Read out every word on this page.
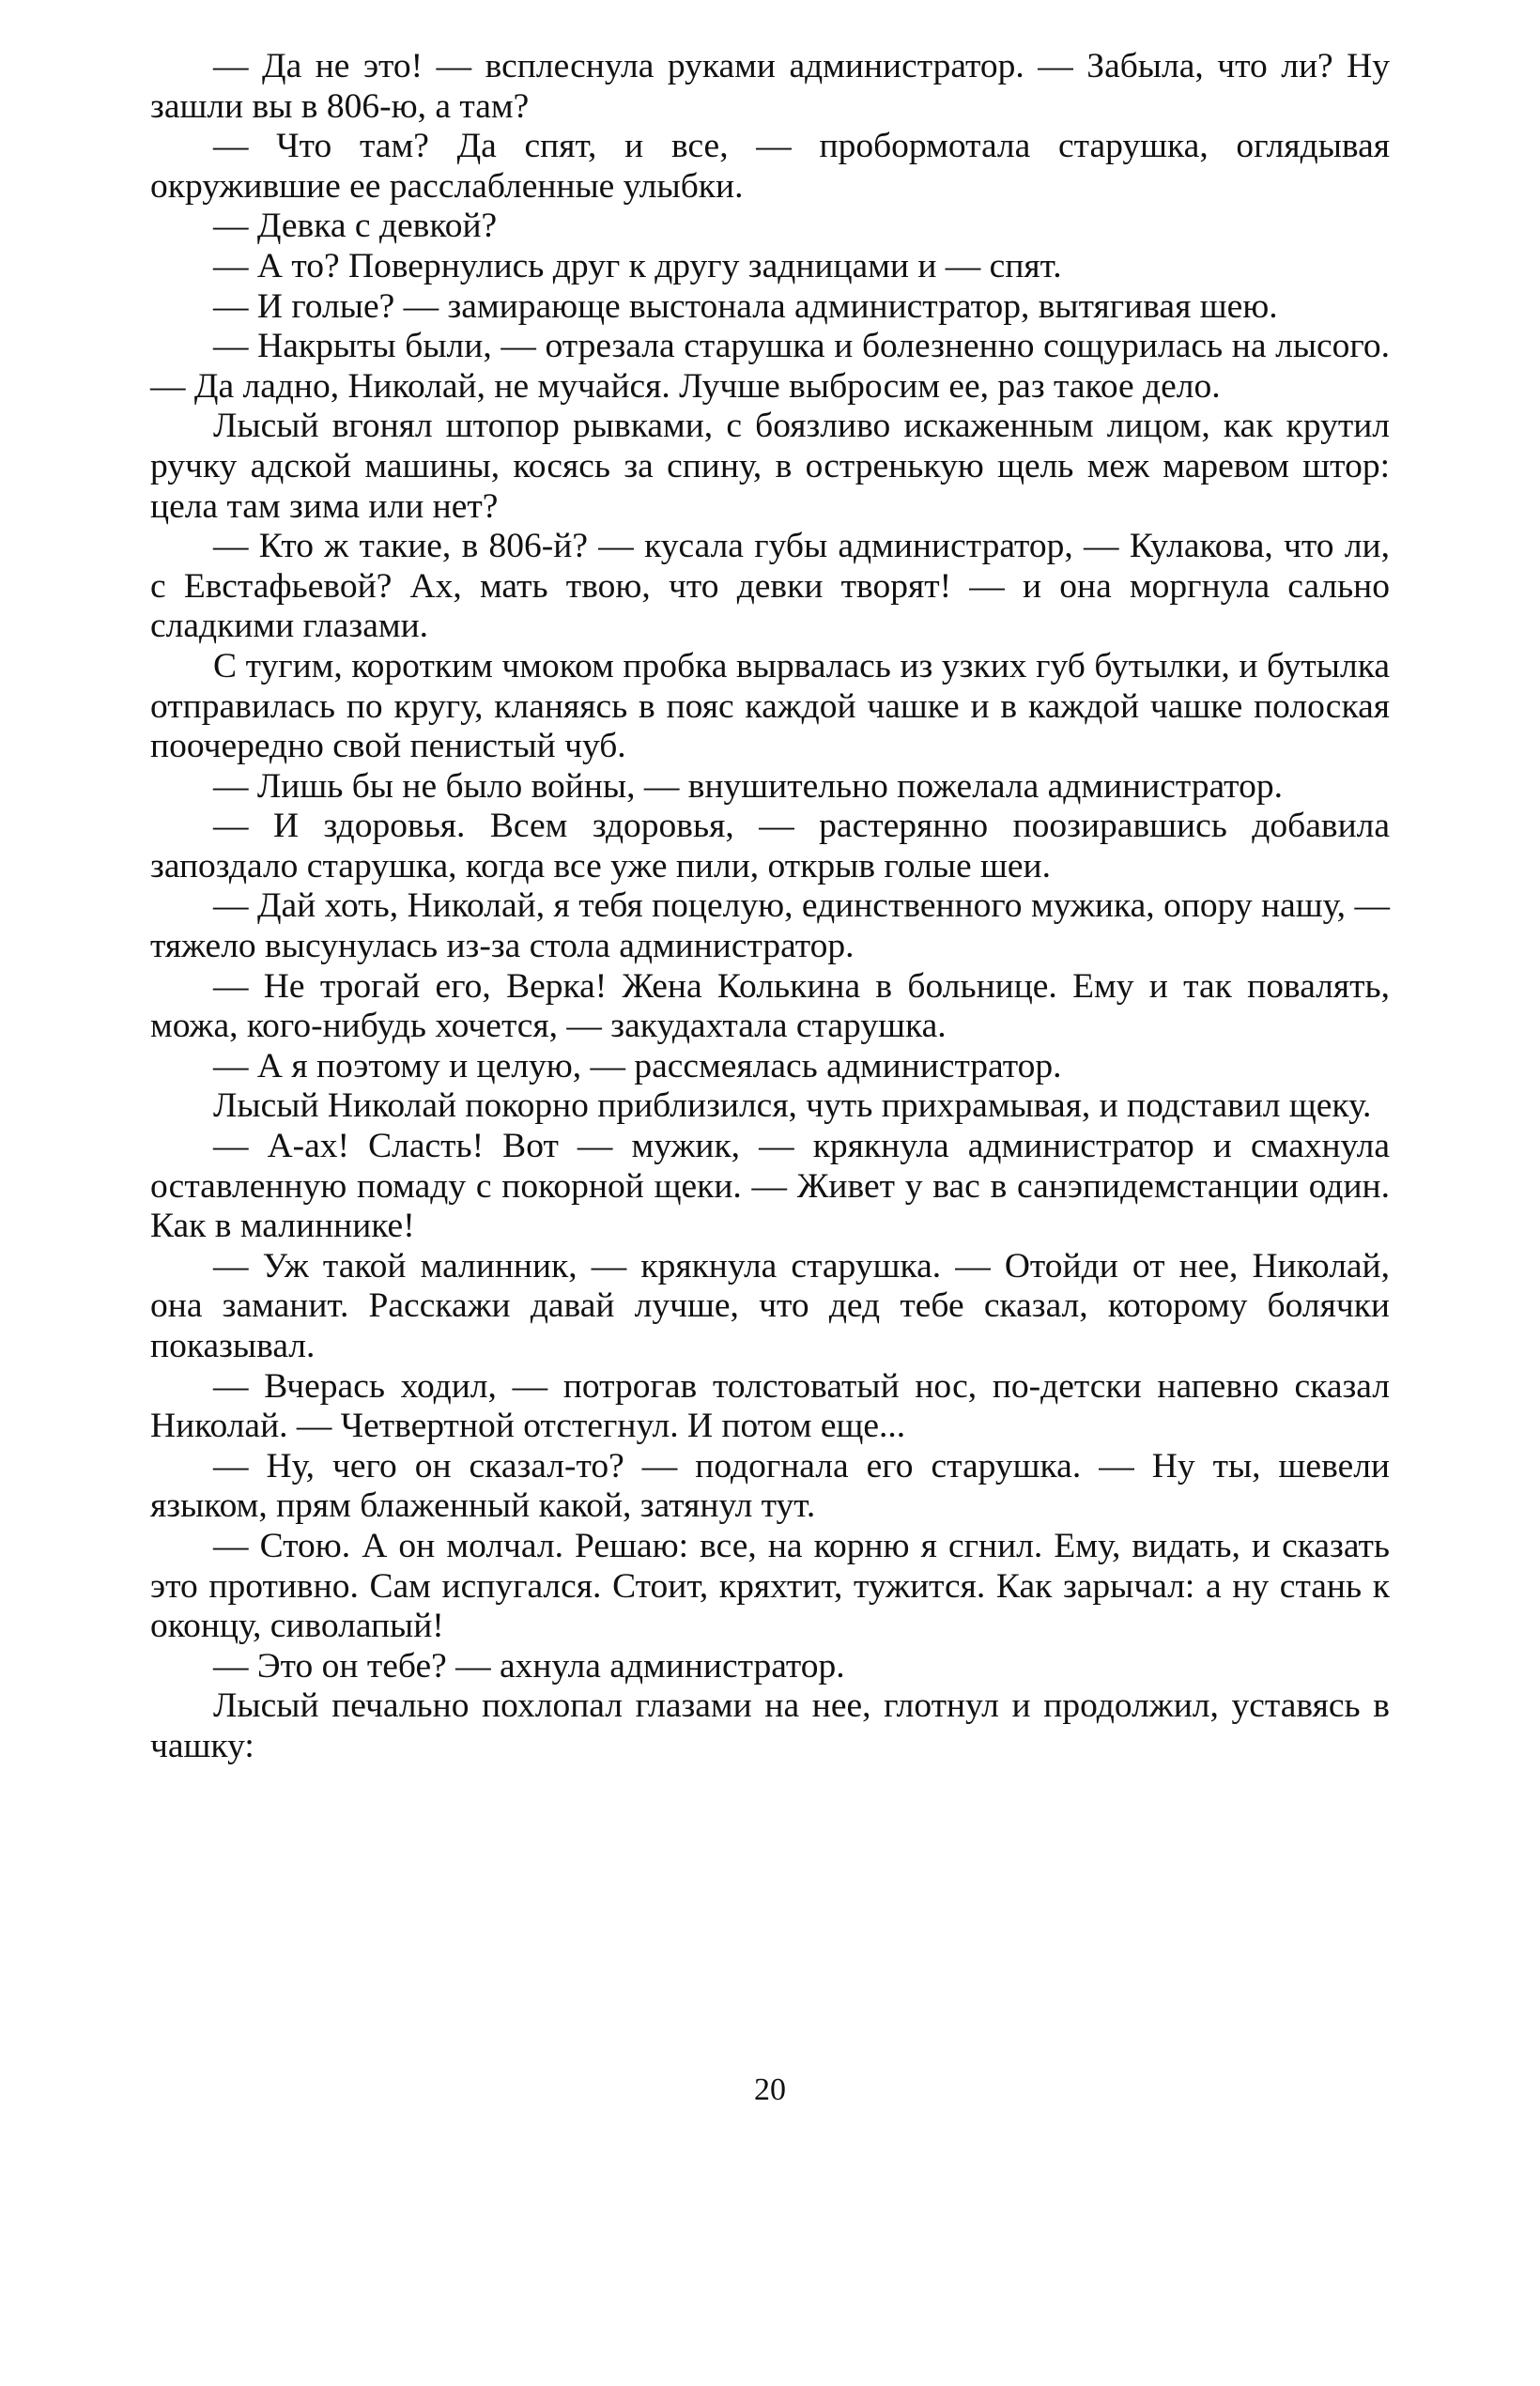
— Да не это! — всплеснула руками администратор. — Забыла, что ли? Ну зашли вы в 806-ю, а там?

— Что там? Да спят, и все, — пробормотала старушка, оглядывая окружившие ее расслабленные улыбки.

— Девка с девкой?

— А то? Повернулись друг к другу задницами и — спят.

— И голые? — замирающе выстонала администратор, вытягивая шею.

— Накрыты были, — отрезала старушка и болезненно сощурилась на лысого. — Да ладно, Николай, не мучайся. Лучше выбросим ее, раз такое дело.

Лысый вгонял штопор рывками, с боязливо искаженным лицом, как крутил ручку адской машины, косясь за спину, в остренькую щель меж маревом штор: цела там зима или нет?

— Кто ж такие, в 806-й? — кусала губы администратор, — Кулакова, что ли, с Евстафьевой? Ах, мать твою, что девки творят! — и она моргнула сально сладкими глазами.

С тугим, коротким чмоком пробка вырвалась из узких губ бутылки, и бутылка отправилась по кругу, кланяясь в пояс каждой чашке и в каждой чашке полоская поочередно свой пенистый чуб.

— Лишь бы не было войны, — внушительно пожелала администратор.

— И здоровья. Всем здоровья, — растерянно поозиравшись добавила запоздало старушка, когда все уже пили, открыв голые шеи.

— Дай хоть, Николай, я тебя поцелую, единственного мужика, опору нашу, — тяжело высунулась из-за стола администратор.

— Не трогай его, Верка! Жена Колькина в больнице. Ему и так повалять, можа, кого-нибудь хочется, — закудахтала старушка.

— А я поэтому и целую, — рассмеялась администратор.

Лысый Николай покорно приблизился, чуть прихрамывая, и подставил щеку.

— А-ах! Сласть! Вот — мужик, — крякнула администратор и смахнула оставленную помаду с покорной щеки. — Живет у вас в санэпидемстанции один. Как в малиннике!

— Уж такой малинник, — крякнула старушка. — Отойди от нее, Николай, она заманит. Расскажи давай лучше, что дед тебе сказал, которому болячки показывал.

— Вчерась ходил, — потрогав толстоватый нос, по-детски напевно сказал Николай. — Четвертной отстегнул. И потом еще...

— Ну, чего он сказал-то? — подогнала его старушка. — Ну ты, шевели языком, прям блаженный какой, затянул тут.

— Стою. А он молчал. Решаю: все, на корню я сгнил. Ему, видать, и сказать это противно. Сам испугался. Стоит, кряхтит, тужится. Как зарычал: а ну стань к оконцу, сиволапый!

— Это он тебе? — ахнула администратор.

Лысый печально похлопал глазами на нее, глотнул и продолжил, уставясь в чашку:

20
